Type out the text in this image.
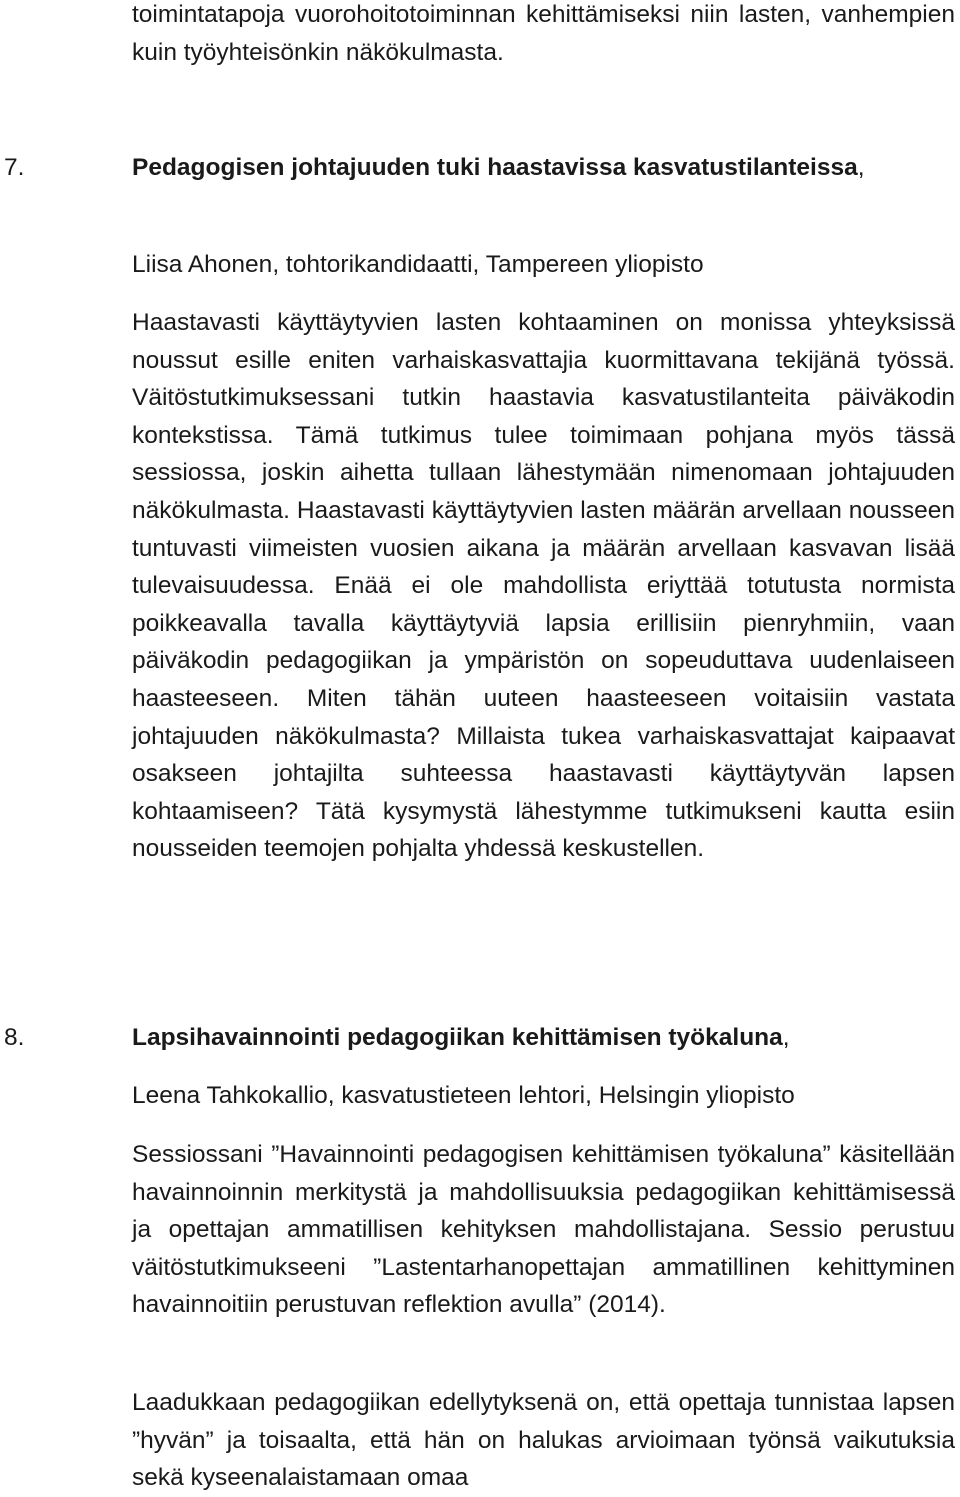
toimintatapoja vuorohoitotoiminnan kehittämiseksi niin lasten, vanhempien kuin työyhteisönkin näkökulmasta.

7.	Pedagogisen johtajuuden tuki haastavissa kasvatustilanteissa,

Liisa Ahonen, tohtorikandidaatti, Tampereen yliopisto

Haastavasti käyttäytyvien lasten kohtaaminen on monissa yhteyksissä noussut esille eniten varhaiskasvattajia kuormittavana tekijänä työssä. Väitöstutkimuksessani tutkin haastavia kasvatustilanteita päiväkodin kontekstissa. Tämä tutkimus tulee toimimaan pohjana myös tässä sessiossa, joskin aihetta tullaan lähestymään nimenomaan johtajuuden näkökulmasta. Haastavasti käyttäytyvien lasten määrän arvellaan nousseen tuntuvasti viimeisten vuosien aikana ja määrän arvellaan kasvavan lisää tulevaisuudessa. Enää ei ole mahdollista eriyttää totutusta normista poikkeavalla tavalla käyttäytyviä lapsia erillisiin pienryhmiin, vaan päiväkodin pedagogiikan ja ympäristön on sopeuduttava uudenlaiseen haasteeseen. Miten tähän uuteen haasteeseen voitaisiin vastata johtajuuden näkökulmasta? Millaista tukea varhaiskasvattajat kaipaavat osakseen johtajilta suhteessa haastavasti käyttäytyvän lapsen kohtaamiseen? Tätä kysymystä lähestymme tutkimukseni kautta esiin nousseiden teemojen pohjalta yhdessä keskustellen.

8.	Lapsihavainnointi pedagogiikan kehittämisen työkaluna,

Leena Tahkokallio, kasvatustieteen lehtori, Helsingin yliopisto

Sessiossani ”Havainnointi pedagogisen kehittämisen työkaluna” käsitellään havainnoinnin merkitystä ja mahdollisuuksia pedagogiikan kehittämisessä ja opettajan ammatillisen kehityksen mahdollistajana. Sessio perustuu väitöstutkimukseeni ”Lastentarhanopettajan ammatillinen kehittyminen havainnoitiin perustuvan reflektion avulla” (2014).

Laadukkaan pedagogiikan edellytyksenä on, että opettaja tunnistaa lapsen ”hyvän” ja toisaalta, että hän on halukas arvioimaan työnsä vaikutuksia sekä kyseenalaistamaan omaa
